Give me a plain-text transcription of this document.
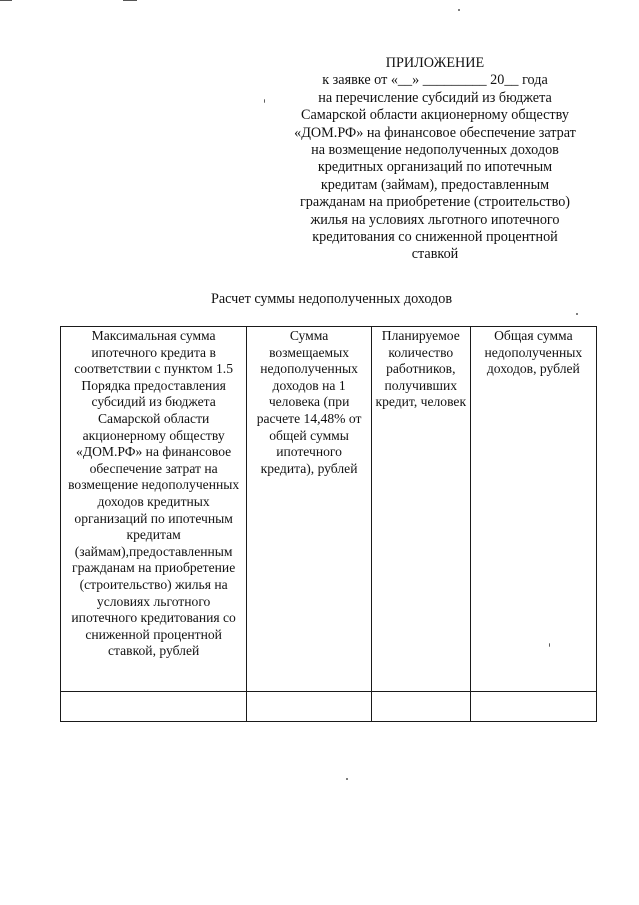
ПРИЛОЖЕНИЕ
к заявке от «__» _________ 20__ года
на перечисление субсидий из бюджета
Самарской области акционерному обществу
«ДОМ.РФ» на финансовое обеспечение затрат
на возмещение недополученных доходов
кредитных организаций по ипотечным
кредитам (займам), предоставленным
гражданам на приобретение (строительство)
жилья на условиях льготного ипотечного
кредитования со сниженной процентной
ставкой
Расчет суммы недополученных доходов
Максимальная сумма ипотечного кредита в соответствии с пунктом 1.5 Порядка предоставления субсидий из бюджета Самарской области акционерному обществу «ДОМ.РФ» на финансовое обеспечение затрат на возмещение недополученных доходов кредитных организаций по ипотечным кредитам (займам),предоставленным гражданам на приобретение (строительство) жилья на условиях льготного ипотечного кредитования со сниженной процентной ставкой, рублей	Сумма возмещаемых недополученных доходов на 1 человека (при расчете 14,48% от общей суммы ипотечного кредита), рублей	Планируемое количество работников, получивших кредит, человек	Общая сумма недополученных доходов, рублей
